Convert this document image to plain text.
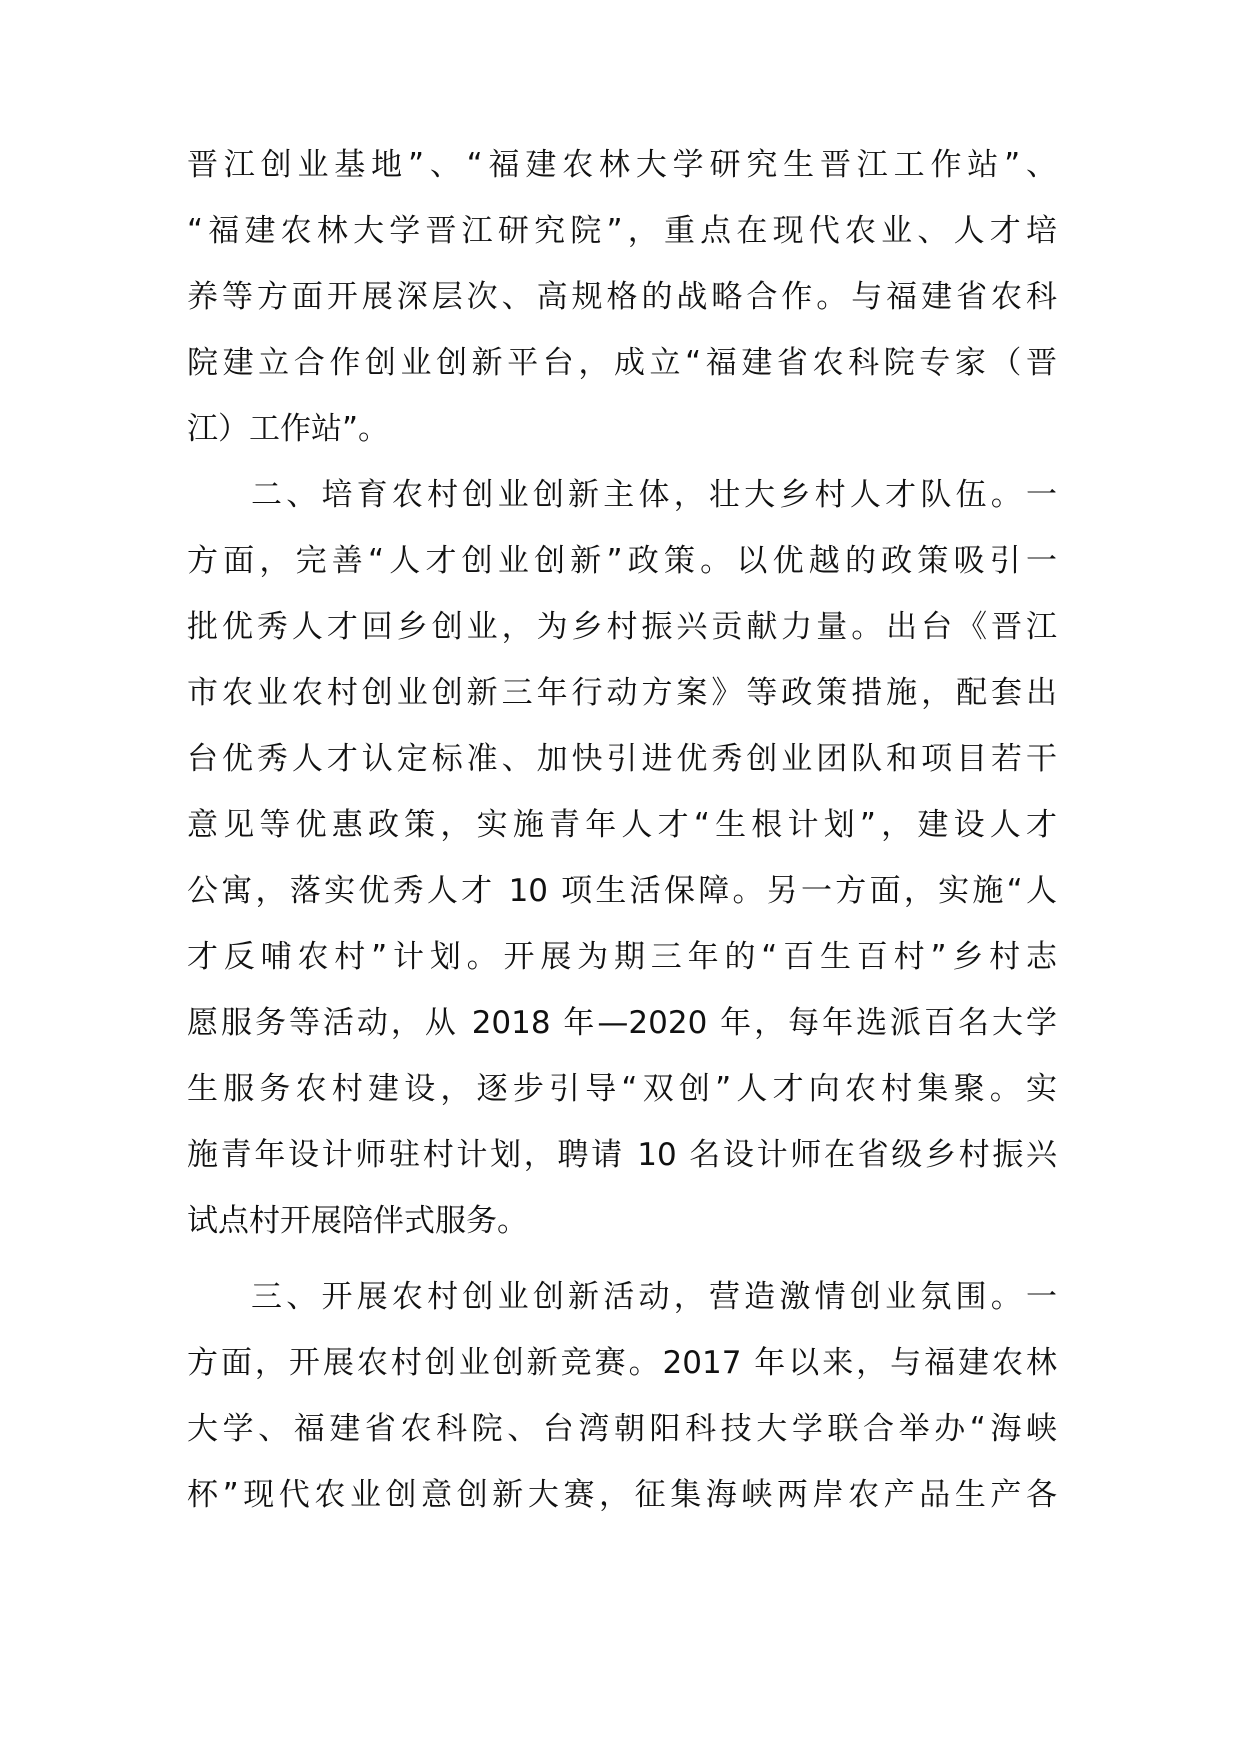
晋江创业基地”、“福建农林大学研究生晋江工作站”、
“福建农林大学晋江研究院”，重点在现代农业、人才培
养等方面开展深层次、高规格的战略合作。与福建省农科
院建立合作创业创新平台，成立“福建省农科院专家（晋
江）工作站”。
二、培育农村创业创新主体，壮大乡村人才队伍。一
方面，完善“人才创业创新”政策。以优越的政策吸引一
批优秀人才回乡创业，为乡村振兴贡献力量。出台《晋江
市农业农村创业创新三年行动方案》等政策措施，配套出
台优秀人才认定标准、加快引进优秀创业团队和项目若干
意见等优惠政策，实施青年人才“生根计划”，建设人才
公寓，落实优秀人才 10 项生活保障。另一方面，实施“人
才反哺农村”计划。开展为期三年的“百生百村”乡村志
愿服务等活动，从 2018 年—2020 年，每年选派百名大学
生服务农村建设，逐步引导“双创”人才向农村集聚。实
施青年设计师驻村计划，聘请 10 名设计师在省级乡村振兴
试点村开展陪伴式服务。
三、开展农村创业创新活动，营造激情创业氛围。一
方面，开展农村创业创新竞赛。2017 年以来，与福建农林
大学、福建省农科院、台湾朝阳科技大学联合举办“海峡
杯”现代农业创意创新大赛，征集海峡两岸农产品生产各
